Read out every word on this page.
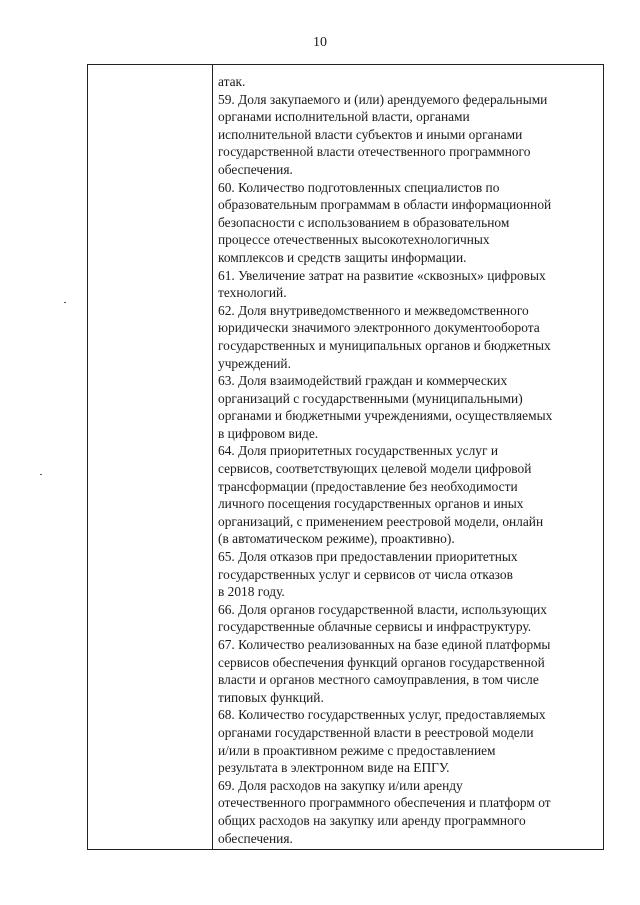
10
атак.
59. Доля закупаемого и (или) арендуемого федеральными
органами исполнительной власти, органами
исполнительной власти субъектов и иными органами
государственной власти отечественного программного
обеспечения.
60. Количество подготовленных специалистов по
образовательным программам в области информационной
безопасности с использованием в образовательном
процессе отечественных высокотехнологичных
комплексов и средств защиты информации.
61. Увеличение затрат на развитие «сквозных» цифровых
технологий.
62. Доля внутриведомственного и межведомственного
юридически значимого электронного документооборота
государственных и муниципальных органов и бюджетных
учреждений.
63. Доля взаимодействий граждан и коммерческих
организаций с государственными (муниципальными)
органами и бюджетными учреждениями, осуществляемых
в цифровом виде.
64. Доля приоритетных государственных услуг и
сервисов, соответствующих целевой модели цифровой
трансформации (предоставление без необходимости
личного посещения государственных органов и иных
организаций, с применением реестровой модели, онлайн
(в автоматическом режиме), проактивно).
65. Доля отказов при предоставлении приоритетных
государственных услуг и сервисов от числа отказов
в 2018 году.
66. Доля органов государственной власти, использующих
государственные облачные сервисы и инфраструктуру.
67. Количество реализованных на базе единой платформы
сервисов обеспечения функций органов государственной
власти и органов местного самоуправления, в том числе
типовых функций.
68. Количество государственных услуг, предоставляемых
органами государственной власти в реестровой модели
и/или в проактивном режиме с предоставлением
результата в электронном виде на ЕПГУ.
69. Доля расходов на закупку и/или аренду
отечественного программного обеспечения и платформ от
общих расходов на закупку или аренду программного
обеспечения.
